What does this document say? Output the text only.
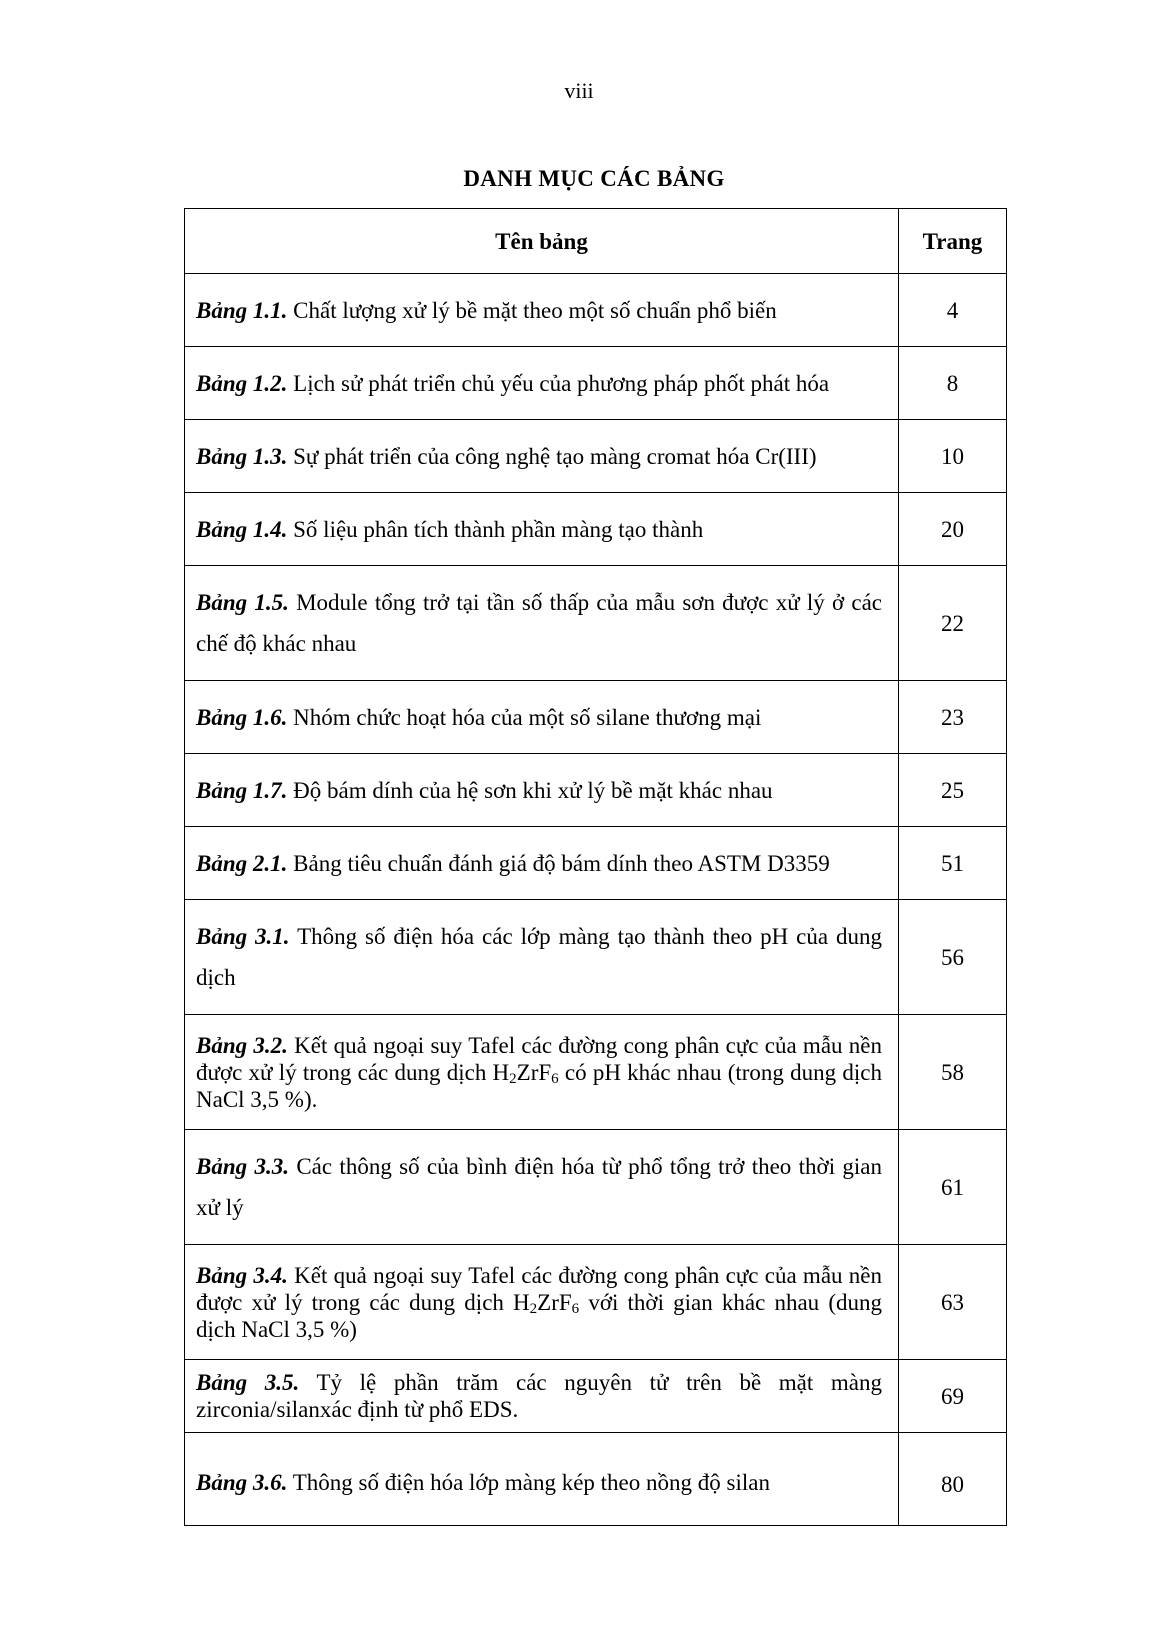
viii
DANH MỤC CÁC BẢNG
Tên bảng	Trang
Bảng 1.1. Chất lượng xử lý bề mặt theo một số chuẩn phổ biến	4
Bảng 1.2. Lịch sử phát triển chủ yếu của phương pháp phốt phát hóa	8
Bảng 1.3. Sự phát triển của công nghệ tạo màng cromat hóa Cr(III)	10
Bảng 1.4. Số liệu phân tích thành phần màng tạo thành	20
Bảng 1.5. Module tổng trở tại tần số thấp của mẫu sơn được xử lý ở các chế độ khác nhau	22
Bảng 1.6. Nhóm chức hoạt hóa của một số silane thương mại	23
Bảng 1.7. Độ bám dính của hệ sơn khi xử lý bề mặt khác nhau	25
Bảng 2.1. Bảng tiêu chuẩn đánh giá độ bám dính theo ASTM D3359	51
Bảng 3.1. Thông số điện hóa các lớp màng tạo thành theo pH của dung dịch	56
Bảng 3.2. Kết quả ngoại suy Tafel các đường cong phân cực của mẫu nền được xử lý trong các dung dịch $H_2ZrF_6$ có pH khác nhau (trong dung dịch NaCl 3,5 %).	58
Bảng 3.3. Các thông số của bình điện hóa từ phổ tổng trở theo thời gian xử lý	61
Bảng 3.4. Kết quả ngoại suy Tafel các đường cong phân cực của mẫu nền được xử lý trong các dung dịch $H_2ZrF_6$ với thời gian khác nhau (dung dịch NaCl 3,5 %)	63
Bảng 3.5. Tỷ lệ phần trăm các nguyên tử trên bề mặt màng zirconia/silanxác định từ phổ EDS.	69
Bảng 3.6. Thông số điện hóa lớp màng kép theo nồng độ silan	80
